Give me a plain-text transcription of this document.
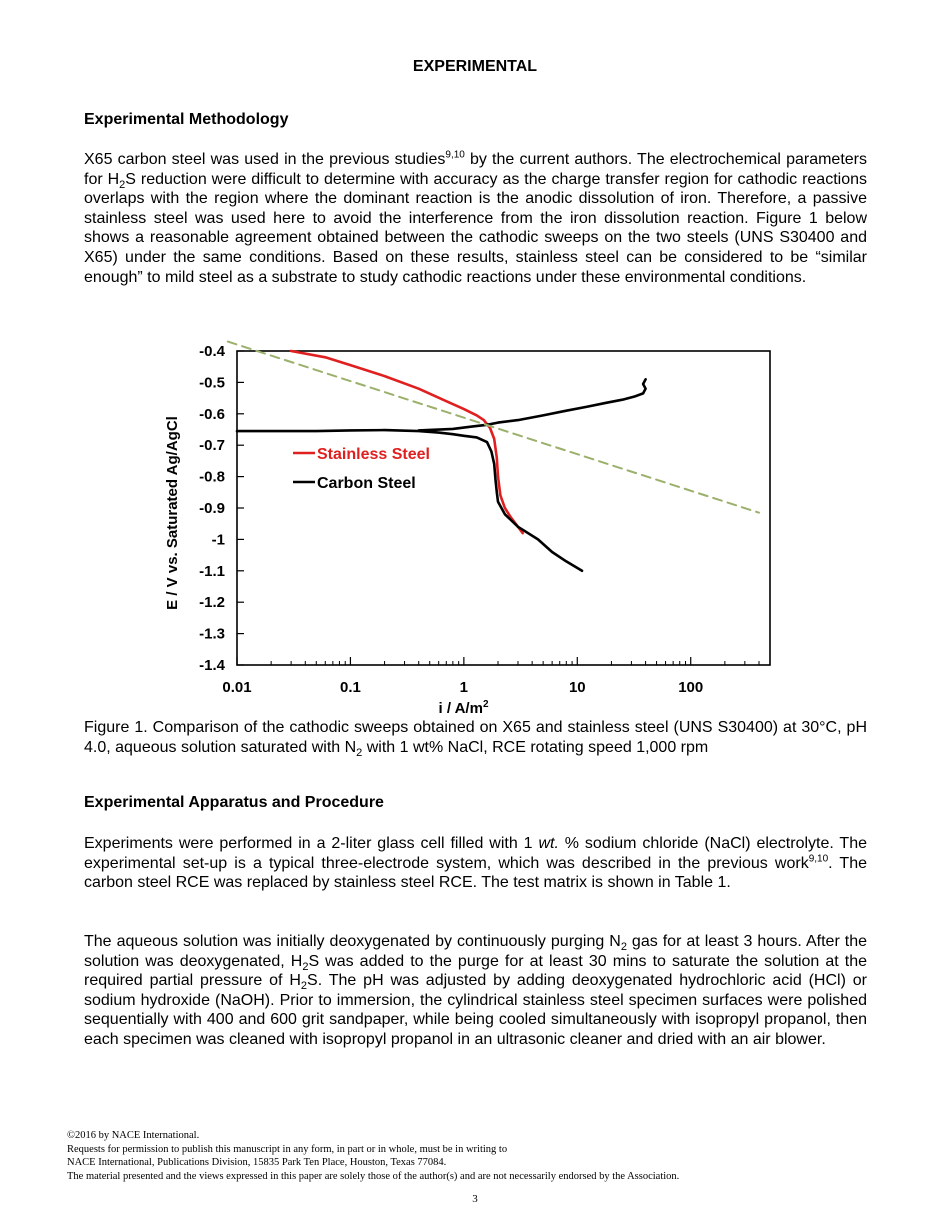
EXPERIMENTAL
Experimental Methodology

X65 carbon steel was used in the previous studies$^{9,10}$ by the current authors. The electrochemical parameters for $H_2S$ reduction were difficult to determine with accuracy as the charge transfer region for cathodic reactions overlaps with the region where the dominant reaction is the anodic dissolution of iron. Therefore, a passive stainless steel was used here to avoid the interference from the iron dissolution reaction. Figure 1 below shows a reasonable agreement obtained between the cathodic sweeps on the two steels (UNS S30400 and X65) under the same conditions. Based on these results, stainless steel can be considered to be “similar enough” to mild steel as a substrate to study cathodic reactions under these environmental conditions.

-0.4
-0.5
-0.6
-0.7
-0.8
-0.9
-1
-1.1
-1.2
-1.3
-1.4
0.01	0.1	1	10	100
i / $A/m^2$
E / V vs. Saturated Ag/AgCl	Stainless Steel
Carbon Steel

Figure 1. Comparison of the cathodic sweeps obtained on X65 and stainless steel (UNS S30400) at 30°C, pH 4.0, aqueous solution saturated with $N_2$ with 1 wt% NaCl, RCE rotating speed 1,000 rpm

Experimental Apparatus and Procedure

Experiments were performed in a 2-liter glass cell filled with 1 wt. % sodium chloride (NaCl) electrolyte. The experimental set-up is a typical three-electrode system, which was described in the previous work$^{9,10}$. The carbon steel RCE was replaced by stainless steel RCE. The test matrix is shown in Table 1.

The aqueous solution was initially deoxygenated by continuously purging $N_2$ gas for at least 3 hours. After the solution was deoxygenated, $H_2S$ was added to the purge for at least 30 mins to saturate the solution at the required partial pressure of $H_2S$. The pH was adjusted by adding deoxygenated hydrochloric acid (HCl) or sodium hydroxide (NaOH). Prior to immersion, the cylindrical stainless steel specimen surfaces were polished sequentially with 400 and 600 grit sandpaper, while being cooled simultaneously with isopropyl propanol, then each specimen was cleaned with isopropyl propanol in an ultrasonic cleaner and dried with an air blower.

©2016 by NACE International.
Requests for permission to publish this manuscript in any form, in part or in whole, must be in writing to
NACE International, Publications Division, 15835 Park Ten Place, Houston, Texas 77084.
The material presented and the views expressed in this paper are solely those of the author(s) and are not necessarily endorsed by the Association.
3
